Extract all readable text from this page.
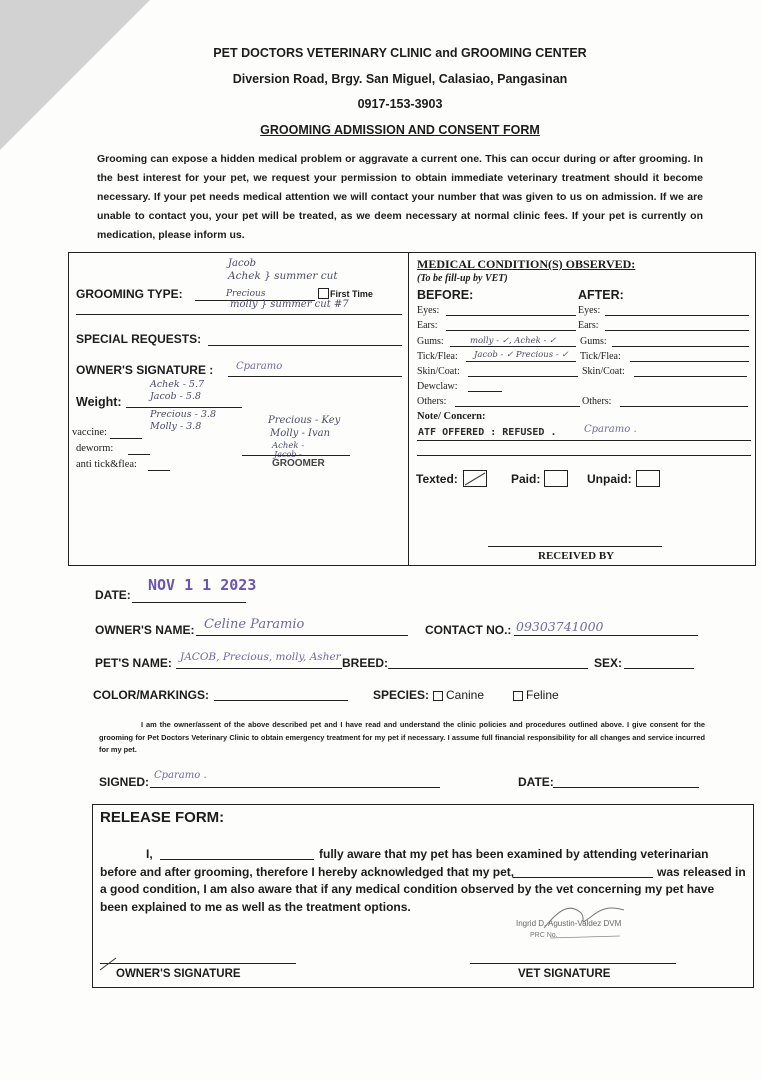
PET DOCTORS VETERINARY CLINIC and GROOMING CENTER
Diversion Road, Brgy. San Miguel, Calasiao, Pangasinan
0917-153-3903
GROOMING ADMISSION AND CONSENT FORM
Grooming can expose a hidden medical problem or aggravate a current one. This can occur during or after grooming. In the best interest for your pet, we request your permission to obtain immediate veterinary treatment should it become necessary. If your pet needs medical attention we will contact your number that was given to us on admission. If we are unable to contact you, your pet will be treated, as we deem necessary at normal clinic fees. If your pet is currently on medication, please inform us.
GROOMING TYPE:
Jacob
Achek } summer cut
Precious
molly } summer cut #7
First Time
SPECIAL REQUESTS:
OWNER'S SIGNATURE : Cparamo
Weight:
Achek - 5.7
Jacob - 5.8
Precious - 3.8
Molly - 3.8
vaccine:
deworm:
anti tick&flea:
Precious - Key
Molly - Ivan
Achek -
Jacob -
GROOMER
MEDICAL CONDITION(S) OBSERVED:
(To be fill-up by VET)
BEFORE:	AFTER:
Eyes:	Eyes:
Ears:	Ears:
Gums:	molly - ✓, Achek - ✓ Gums:
Tick/Flea: Jacob - ✓ Precious - ✓ Tick/Flea:
Skin/Coat:	Skin/Coat:
Dewclaw:
Others:	Others:
Note/ Concern:
ATF OFFERED : REFUSED .	Cparamo .
Texted:	Paid:	Unpaid:
RECEIVED BY
DATE:
NOV 1 1 2023
OWNER'S NAME: Celine Paramio	CONTACT NO.: 09303741000
PET'S NAME: JACOB, Precious, molly, Asher BREED:	SEX:
COLOR/MARKINGS:	SPECIES:	Canine	Feline
I am the owner/assent of the above described pet and I have read and understand the clinic policies and procedures outlined above. I give consent for the grooming for Pet Doctors Veterinary Clinic to obtain emergency treatment for my pet if necessary. I assume full financial responsibility for all changes and service incurred for my pet.
SIGNED: Cparamo .	DATE:
RELEASE FORM:
I,	fully aware that my pet has been examined by attending veterinarian
before and after grooming, therefore I hereby acknowledged that my pet,	was released in
a good condition, I am also aware that if any medical condition observed by the vet concerning my pet have
been explained to me as well as the treatment options.
Ingrid D. Agustin-Valdez DVM
PRC No.
OWNER'S SIGNATURE	VET SIGNATURE
